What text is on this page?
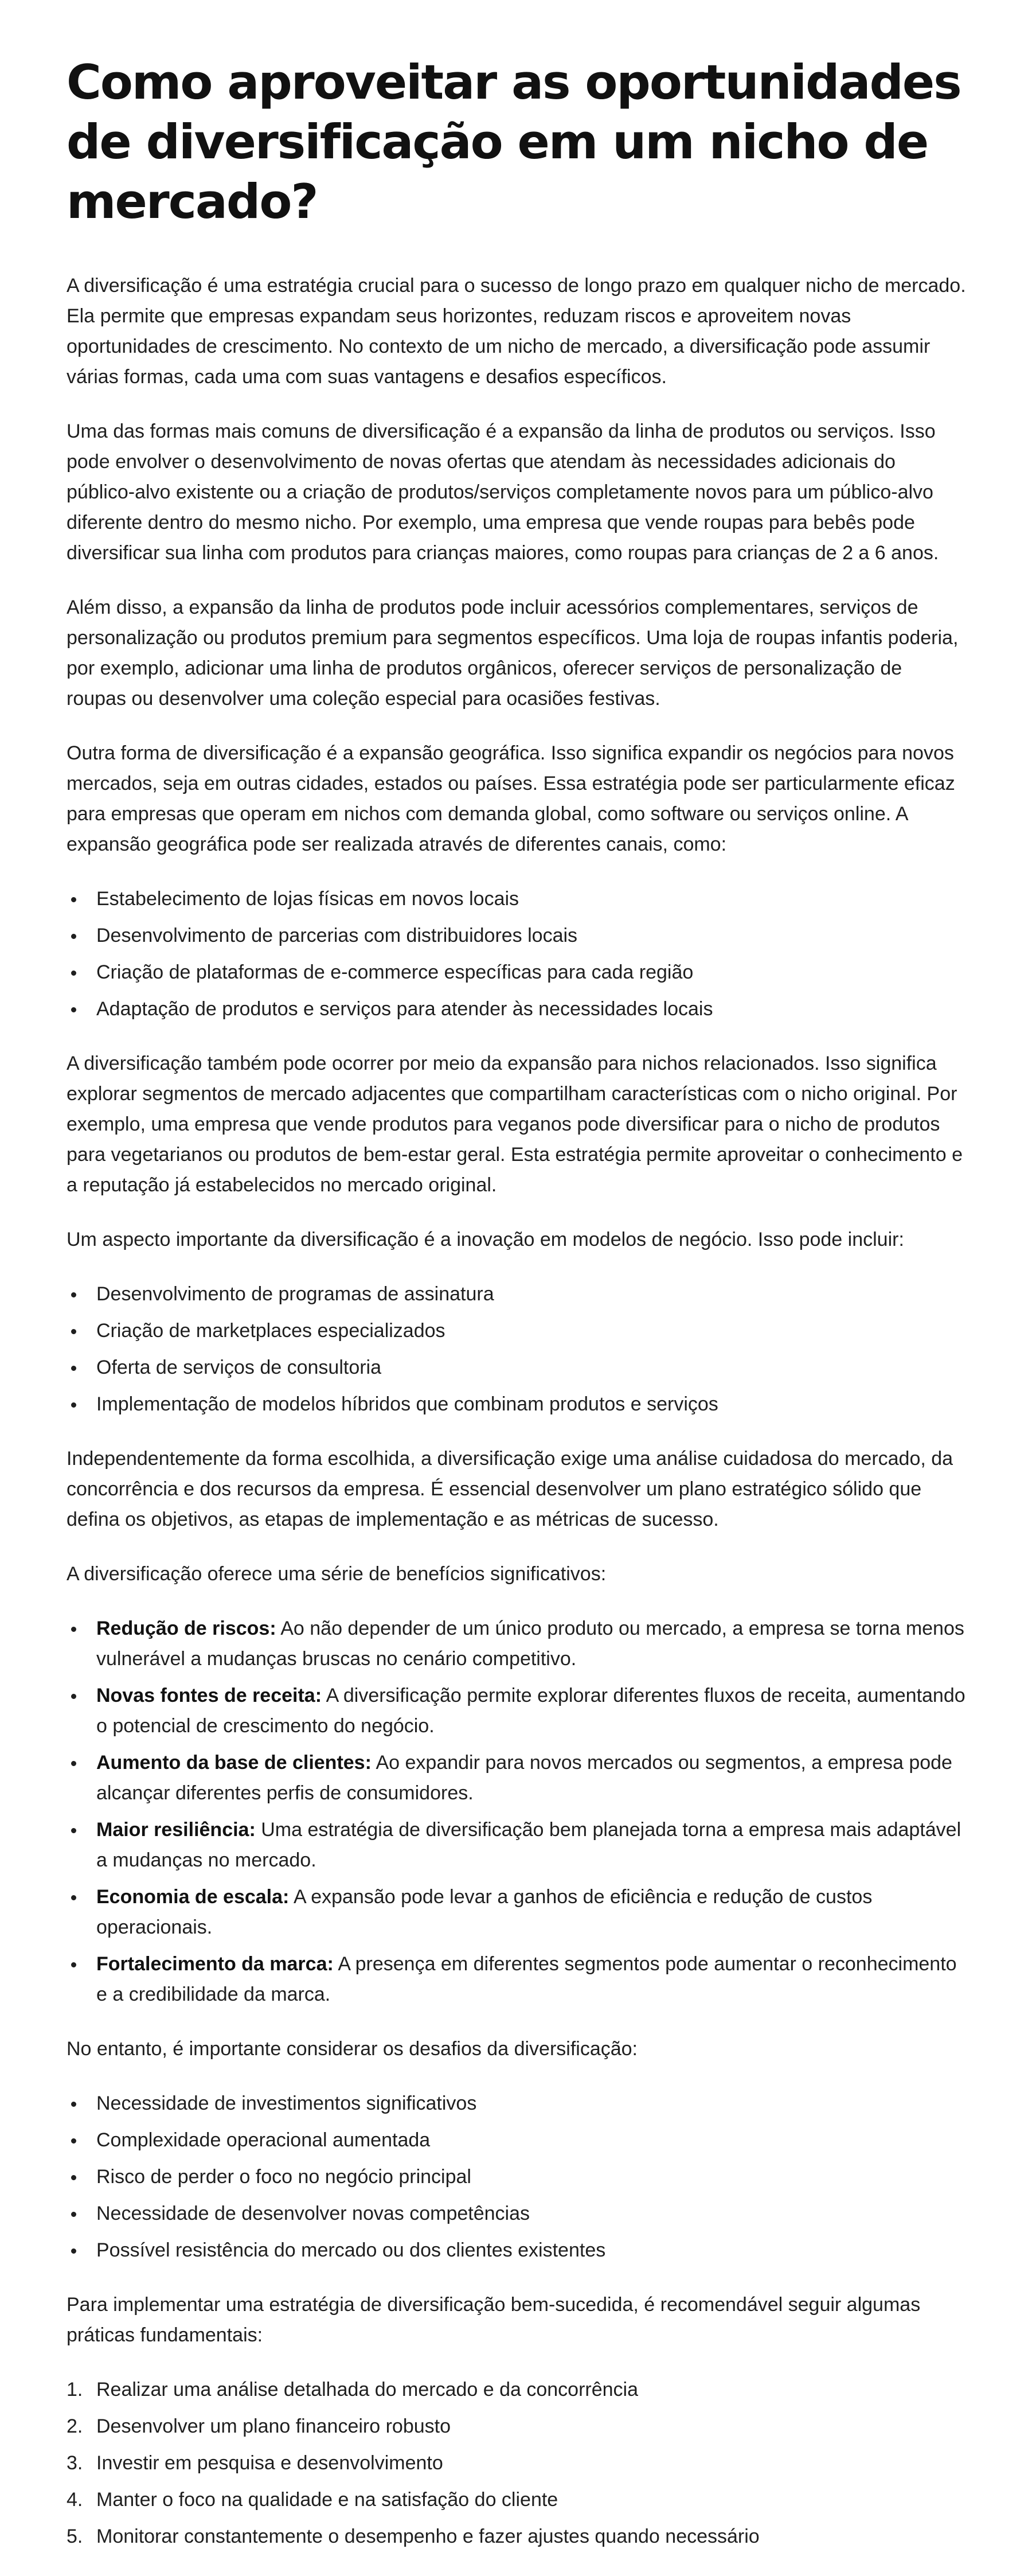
Como aproveitar as oportunidades de diversificação em um nicho de mercado?

A diversificação é uma estratégia crucial para o sucesso de longo prazo em qualquer nicho de mercado. Ela permite que empresas expandam seus horizontes, reduzam riscos e aproveitem novas oportunidades de crescimento. No contexto de um nicho de mercado, a diversificação pode assumir várias formas, cada uma com suas vantagens e desafios específicos.

Uma das formas mais comuns de diversificação é a expansão da linha de produtos ou serviços. Isso pode envolver o desenvolvimento de novas ofertas que atendam às necessidades adicionais do público-alvo existente ou a criação de produtos/serviços completamente novos para um público-alvo diferente dentro do mesmo nicho. Por exemplo, uma empresa que vende roupas para bebês pode diversificar sua linha com produtos para crianças maiores, como roupas para crianças de 2 a 6 anos.

Além disso, a expansão da linha de produtos pode incluir acessórios complementares, serviços de personalização ou produtos premium para segmentos específicos. Uma loja de roupas infantis poderia, por exemplo, adicionar uma linha de produtos orgânicos, oferecer serviços de personalização de roupas ou desenvolver uma coleção especial para ocasiões festivas.

Outra forma de diversificação é a expansão geográfica. Isso significa expandir os negócios para novos mercados, seja em outras cidades, estados ou países. Essa estratégia pode ser particularmente eficaz para empresas que operam em nichos com demanda global, como software ou serviços online. A expansão geográfica pode ser realizada através de diferentes canais, como:

Estabelecimento de lojas físicas em novos locais
Desenvolvimento de parcerias com distribuidores locais
Criação de plataformas de e-commerce específicas para cada região
Adaptação de produtos e serviços para atender às necessidades locais

A diversificação também pode ocorrer por meio da expansão para nichos relacionados. Isso significa explorar segmentos de mercado adjacentes que compartilham características com o nicho original. Por exemplo, uma empresa que vende produtos para veganos pode diversificar para o nicho de produtos para vegetarianos ou produtos de bem-estar geral. Esta estratégia permite aproveitar o conhecimento e a reputação já estabelecidos no mercado original.

Um aspecto importante da diversificação é a inovação em modelos de negócio. Isso pode incluir:

Desenvolvimento de programas de assinatura
Criação de marketplaces especializados
Oferta de serviços de consultoria
Implementação de modelos híbridos que combinam produtos e serviços

Independentemente da forma escolhida, a diversificação exige uma análise cuidadosa do mercado, da concorrência e dos recursos da empresa. É essencial desenvolver um plano estratégico sólido que defina os objetivos, as etapas de implementação e as métricas de sucesso.

A diversificação oferece uma série de benefícios significativos:

Redução de riscos: Ao não depender de um único produto ou mercado, a empresa se torna menos vulnerável a mudanças bruscas no cenário competitivo.
Novas fontes de receita: A diversificação permite explorar diferentes fluxos de receita, aumentando o potencial de crescimento do negócio.
Aumento da base de clientes: Ao expandir para novos mercados ou segmentos, a empresa pode alcançar diferentes perfis de consumidores.
Maior resiliência: Uma estratégia de diversificação bem planejada torna a empresa mais adaptável a mudanças no mercado.
Economia de escala: A expansão pode levar a ganhos de eficiência e redução de custos operacionais.
Fortalecimento da marca: A presença em diferentes segmentos pode aumentar o reconhecimento e a credibilidade da marca.

No entanto, é importante considerar os desafios da diversificação:

Necessidade de investimentos significativos
Complexidade operacional aumentada
Risco de perder o foco no negócio principal
Necessidade de desenvolver novas competências
Possível resistência do mercado ou dos clientes existentes

Para implementar uma estratégia de diversificação bem-sucedida, é recomendável seguir algumas práticas fundamentais:

1. Realizar uma análise detalhada do mercado e da concorrência
2. Desenvolver um plano financeiro robusto
3. Investir em pesquisa e desenvolvimento
4. Manter o foco na qualidade e na satisfação do cliente
5. Monitorar constantemente o desempenho e fazer ajustes quando necessário
